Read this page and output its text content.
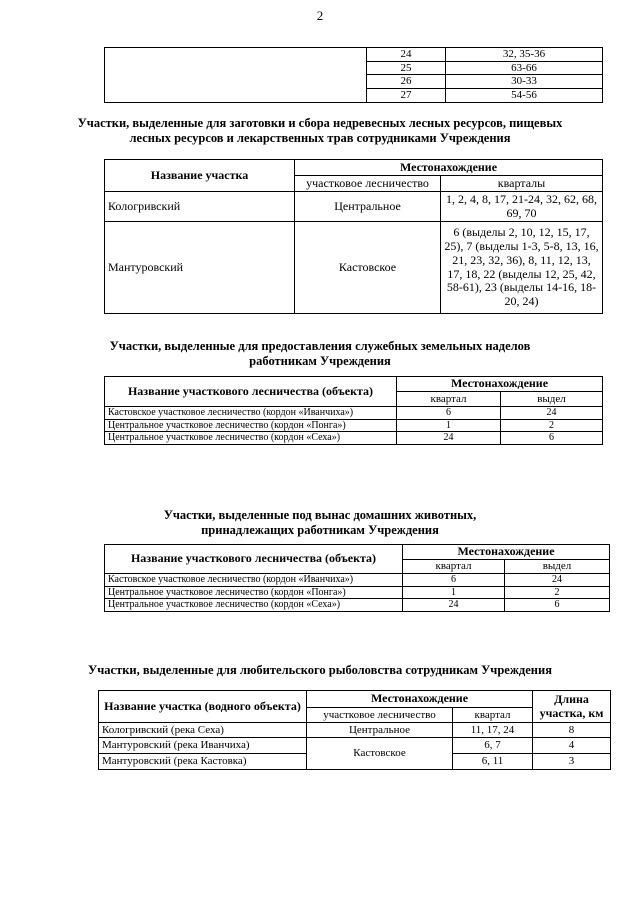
2
	24	32, 35-36
	25	63-66
	26	30-33
	27	54-56
Участки, выделенные для заготовки и сбора недревесных лесных ресурсов, пищевых
лесных ресурсов и лекарственных трав сотрудниками Учреждения
Название участка	Местонахождение	
	участковое лесничество	кварталы
Кологривский	Центральное	1, 2, 4, 8, 17, 21-24, 32, 62, 68, 69, 70
Мантуровский	Кастовское	6 (выделы 2, 10, 12, 15, 17, 25), 7 (выделы 1-3, 5-8, 13, 16, 21, 23, 32, 36), 8, 11, 12, 13, 17, 18, 22 (выделы 12, 25, 42, 58-61), 23 (выделы 14-16, 18-20, 24)
Участки, выделенные для предоставления служебных земельных наделов
работникам Учреждения
Название участкового лесничества (объекта)	Местонахождение	
	квартал	выдел
Кастовское участковое лесничество (кордон «Иванчиха»)	6	24
Центральное участковое лесничество (кордон «Понга»)	1	2
Центральное участковое лесничество (кордон «Сеха»)	24	6
Участки, выделенные под вынас домашних животных,
принадлежащих работникам Учреждения
Название участкового лесничества (объекта)	Местонахождение	
	квартал	выдел
Кастовское участковое лесничество (кордон «Иванчиха»)	6	24
Центральное участковое лесничество (кордон «Понга»)	1	2
Центральное участковое лесничество (кордон «Сеха»)	24	6
Участки, выделенные для любительского рыболовства сотрудникам Учреждения
Название участка (водного объекта)	Местонахождение		Длина
участка, км

	участковое лесничество	квартал	
Кологривский (река Сеха)	Центральное	11, 17, 24	8
Мантуровский (река Иванчиха)	Кастовское	6, 7	4
Мантуровский (река Кастовка)		6, 11	3
